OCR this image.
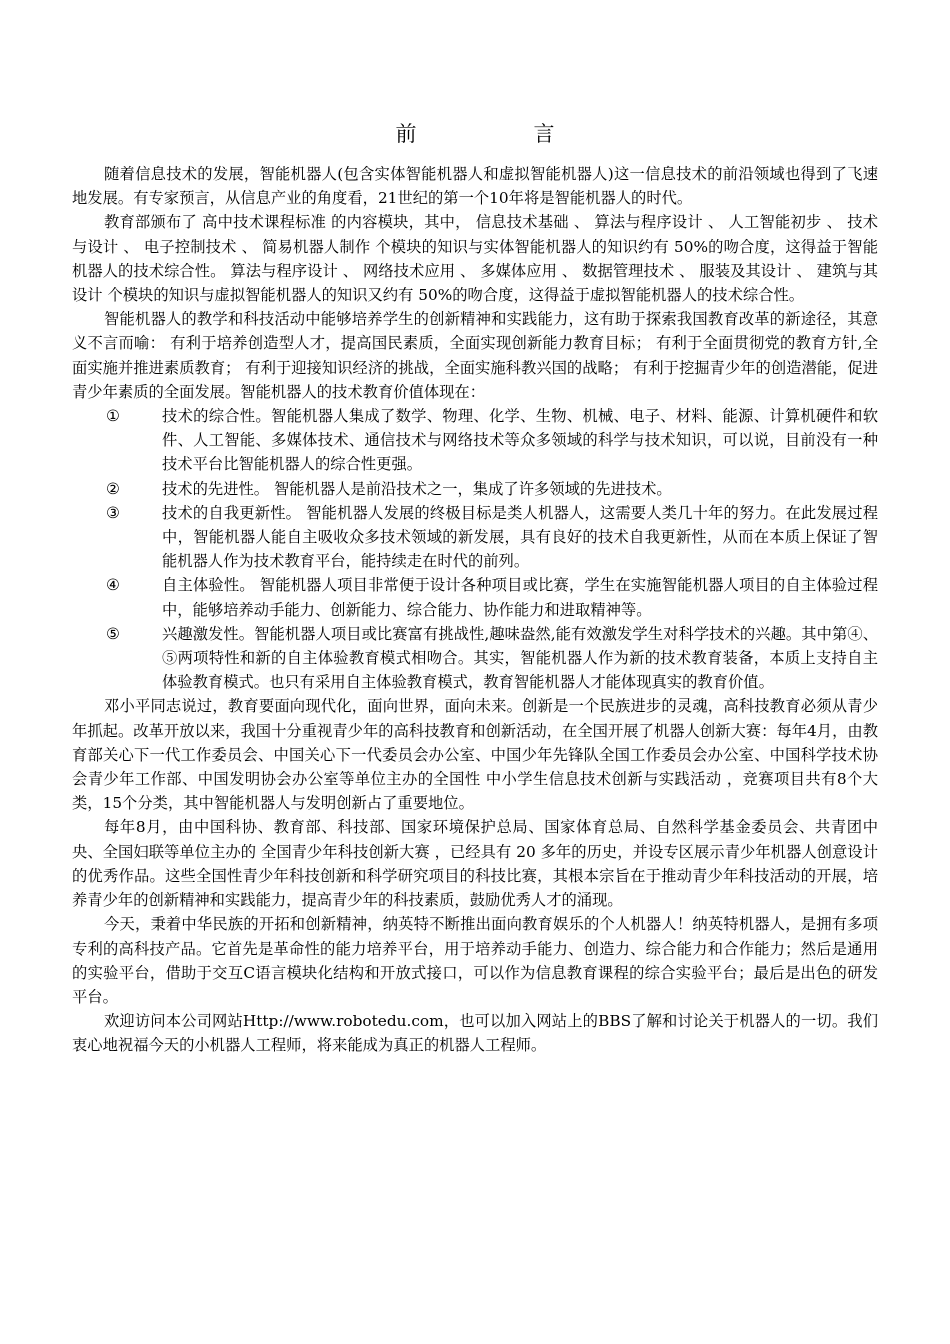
前　言

随着信息技术的发展，智能机器人(包含实体智能机器人和虚拟智能机器人)这一信息技术的前沿领域也得到了飞速地发展。有专家预言，从信息产业的角度看，21世纪的第一个10年将是智能机器人的时代。

教育部颁布了 高中技术课程标准 的内容模块，其中， 信息技术基础 、 算法与程序设计 、 人工智能初步 、 技术与设计 、 电子控制技术 、 简易机器人制作 个模块的知识与实体智能机器人的知识约有 50%的吻合度，这得益于智能机器人的技术综合性。 算法与程序设计 、 网络技术应用 、 多媒体应用 、 数据管理技术 、 服装及其设计 、 建筑与其设计 个模块的知识与虚拟智能机器人的知识又约有 50%的吻合度，这得益于虚拟智能机器人的技术综合性。

智能机器人的教学和科技活动中能够培养学生的创新精神和实践能力，这有助于探索我国教育改革的新途径，其意义不言而喻： 有利于培养创造型人才，提高国民素质，全面实现创新能力教育目标； 有利于全面贯彻党的教育方针,全面实施并推进素质教育； 有利于迎接知识经济的挑战，全面实施科教兴国的战略； 有利于挖掘青少年的创造潜能，促进青少年素质的全面发展。智能机器人的技术教育价值体现在：

①	技术的综合性。智能机器人集成了数学、物理、化学、生物、机械、电子、材料、能源、计算机硬件和软件、人工智能、多媒体技术、通信技术与网络技术等众多领域的科学与技术知识，可以说，目前没有一种技术平台比智能机器人的综合性更强。
②	技术的先进性。 智能机器人是前沿技术之一，集成了许多领域的先进技术。
③	技术的自我更新性。 智能机器人发展的终极目标是类人机器人，这需要人类几十年的努力。在此发展过程中，智能机器人能自主吸收众多技术领域的新发展，具有良好的技术自我更新性，从而在本质上保证了智能机器人作为技术教育平台，能持续走在时代的前列。
④	自主体验性。 智能机器人项目非常便于设计各种项目或比赛，学生在实施智能机器人项目的自主体验过程中，能够培养动手能力、创新能力、综合能力、协作能力和进取精神等。
⑤	兴趣激发性。智能机器人项目或比赛富有挑战性,趣味盎然,能有效激发学生对科学技术的兴趣。其中第④、⑤两项特性和新的自主体验教育模式相吻合。其实，智能机器人作为新的技术教育装备，本质上支持自主体验教育模式。也只有采用自主体验教育模式，教育智能机器人才能体现真实的教育价值。

邓小平同志说过，教育要面向现代化，面向世界，面向未来。创新是一个民族进步的灵魂，高科技教育必须从青少年抓起。改革开放以来，我国十分重视青少年的高科技教育和创新活动，在全国开展了机器人创新大赛：每年4月，由教育部关心下一代工作委员会、中国关心下一代委员会办公室、中国少年先锋队全国工作委员会办公室、中国科学技术协会青少年工作部、中国发明协会办公室等单位主办的全国性 中小学生信息技术创新与实践活动 ，竞赛项目共有8个大类，15个分类，其中智能机器人与发明创新占了重要地位。

每年8月，由中国科协、教育部、科技部、国家环境保护总局、国家体育总局、自然科学基金委员会、共青团中央、全国妇联等单位主办的 全国青少年科技创新大赛 ，已经具有 20 多年的历史，并设专区展示青少年机器人创意设计的优秀作品。这些全国性青少年科技创新和科学研究项目的科技比赛，其根本宗旨在于推动青少年科技活动的开展，培养青少年的创新精神和实践能力，提高青少年的科技素质，鼓励优秀人才的涌现。

今天，秉着中华民族的开拓和创新精神，纳英特不断推出面向教育娱乐的个人机器人！纳英特机器人，是拥有多项专利的高科技产品。它首先是革命性的能力培养平台，用于培养动手能力、创造力、综合能力和合作能力；然后是通用的实验平台，借助于交互C语言模块化结构和开放式接口，可以作为信息教育课程的综合实验平台；最后是出色的研发平台。

欢迎访问本公司网站Http://www.robotedu.com，也可以加入网站上的BBS了解和讨论关于机器人的一切。我们衷心地祝福今天的小机器人工程师，将来能成为真正的机器人工程师。
